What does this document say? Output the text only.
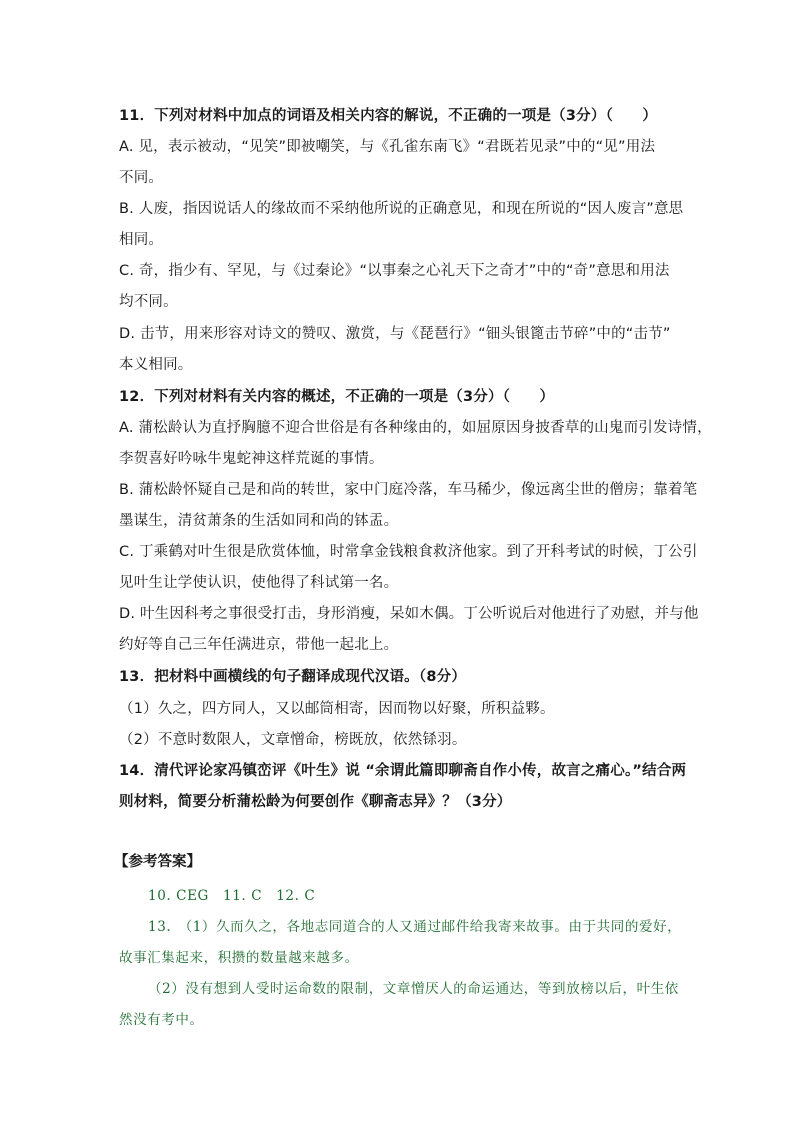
11．下列对材料中加点的词语及相关内容的解说，不正确的一项是（3分）（　　）
A. 见，表示被动，“见笑”即被嘲笑，与《孔雀东南飞》“君既若见录”中的“见”用法
不同。
B. 人废，指因说话人的缘故而不采纳他所说的正确意见，和现在所说的“因人废言”意思
相同。
C. 奇，指少有、罕见，与《过秦论》“以事秦之心礼天下之奇才”中的“奇”意思和用法
均不同。
D. 击节，用来形容对诗文的赞叹、激赏，与《琵琶行》“钿头银篦击节碎”中的“击节”
本义相同。
12．下列对材料有关内容的概述，不正确的一项是（3分）（　　）
A. 蒲松龄认为直抒胸臆不迎合世俗是有各种缘由的，如屈原因身披香草的山鬼而引发诗情，
李贺喜好吟咏牛鬼蛇神这样荒诞的事情。
B. 蒲松龄怀疑自己是和尚的转世，家中门庭冷落，车马稀少，像远离尘世的僧房；靠着笔
墨谋生，清贫萧条的生活如同和尚的钵盂。
C. 丁乘鹤对叶生很是欣赏体恤，时常拿金钱粮食救济他家。到了开科考试的时候，丁公引
见叶生让学使认识，使他得了科试第一名。
D. 叶生因科考之事很受打击，身形消瘦，呆如木偶。丁公听说后对他进行了劝慰，并与他
约好等自己三年任满进京，带他一起北上。
13．把材料中画横线的句子翻译成现代汉语。（8分）
（1）久之，四方同人，又以邮筒相寄，因而物以好聚，所积益夥。
（2）不意时数限人，文章憎命，榜既放，依然铩羽。
14．清代评论家冯镇峦评《叶生》说 “余谓此篇即聊斋自作小传，故言之痛心。”结合两
则材料，简要分析蒲松龄为何要创作《聊斋志异》？（3分）
【参考答案】
10. CEG　11. C　12. C
13.　（1）久而久之，各地志同道合的人又通过邮件给我寄来故事。由于共同的爱好，
故事汇集起来，积攒的数量越来越多。
（2）没有想到人受时运命数的限制，文章憎厌人的命运通达，等到放榜以后，叶生依
然没有考中。
